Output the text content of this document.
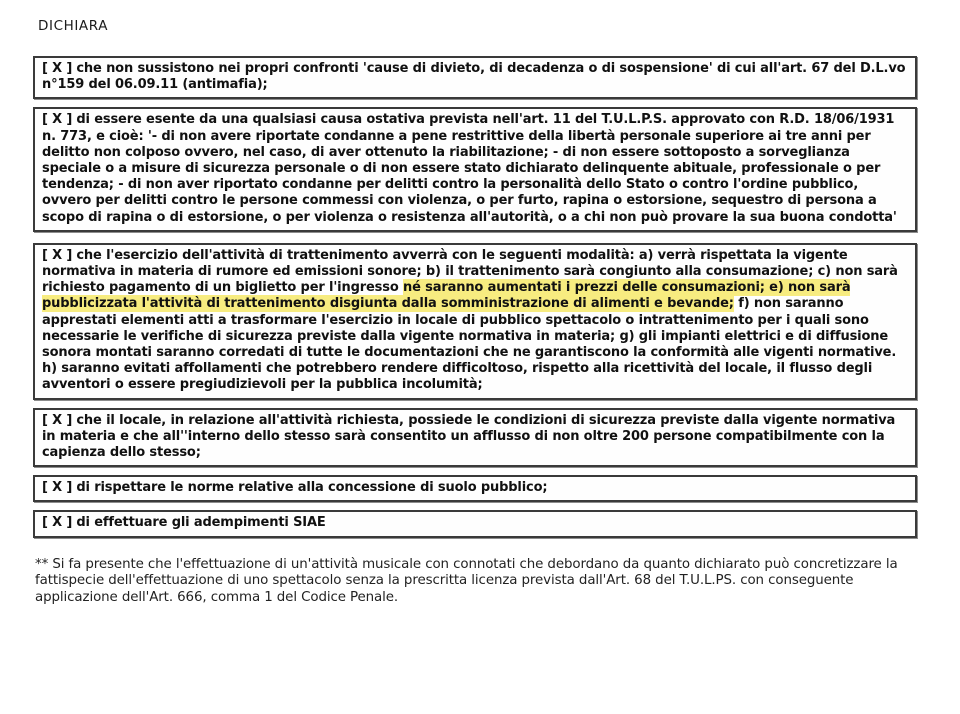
DICHIARA

[ X ] che non sussistono nei propri confronti 'cause di divieto, di decadenza o di sospensione' di cui all'art. 67 del D.L.vo n°159 del 06.09.11 (antimafia);

[ X ] di essere esente da una qualsiasi causa ostativa prevista nell'art. 11 del T.U.L.P.S. approvato con R.D. 18/06/1931 n. 773, e cioè: '- di non avere riportate condanne a pene restrittive della libertà personale superiore ai tre anni per delitto non colposo ovvero, nel caso, di aver ottenuto la riabilitazione; - di non essere sottoposto a sorveglianza speciale o a misure di sicurezza personale o di non essere stato dichiarato delinquente abituale, professionale o per tendenza; - di non aver riportato condanne per delitti contro la personalità dello Stato o contro l'ordine pubblico, ovvero per delitti contro le persone commessi con violenza, o per furto, rapina o estorsione, sequestro di persona a scopo di rapina o di estorsione, o per violenza o resistenza all'autorità, o a chi non può provare la sua buona condotta'

[ X ] che l'esercizio dell'attività di trattenimento avverrà con le seguenti modalità: a) verrà rispettata la vigente normativa in materia di rumore ed emissioni sonore; b) il trattenimento sarà congiunto alla consumazione; c) non sarà richiesto pagamento di un biglietto per l'ingresso né saranno aumentati i prezzi delle consumazioni; e) non sarà pubblicizzata l'attività di trattenimento disgiunta dalla somministrazione di alimenti e bevande; f) non saranno apprestati elementi atti a trasformare l'esercizio in locale di pubblico spettacolo o intrattenimento per i quali sono necessarie le verifiche di sicurezza previste dalla vigente normativa in materia; g) gli impianti elettrici e di diffusione sonora montati saranno corredati di tutte le documentazioni che ne garantiscono la conformità alle vigenti normative. h) saranno evitati affollamenti che potrebbero rendere difficoltoso, rispetto alla ricettività del locale, il flusso degli avventori o essere pregiudizievoli per la pubblica incolumità;

[ X ] che il locale, in relazione all'attività richiesta, possiede le condizioni di sicurezza previste dalla vigente normativa in materia e che all''interno dello stesso sarà consentito un afflusso di non oltre 200 persone compatibilmente con la capienza dello stesso;

[ X ] di rispettare le norme relative alla concessione di suolo pubblico;

[ X ] di effettuare gli adempimenti SIAE

** Si fa presente che l'effettuazione di un'attività musicale con connotati che debordano da quanto dichiarato può concretizzare la fattispecie dell'effettuazione di uno spettacolo senza la prescritta licenza prevista dall'Art. 68 del T.U.L.PS. con conseguente applicazione dell'Art. 666, comma 1 del Codice Penale.
